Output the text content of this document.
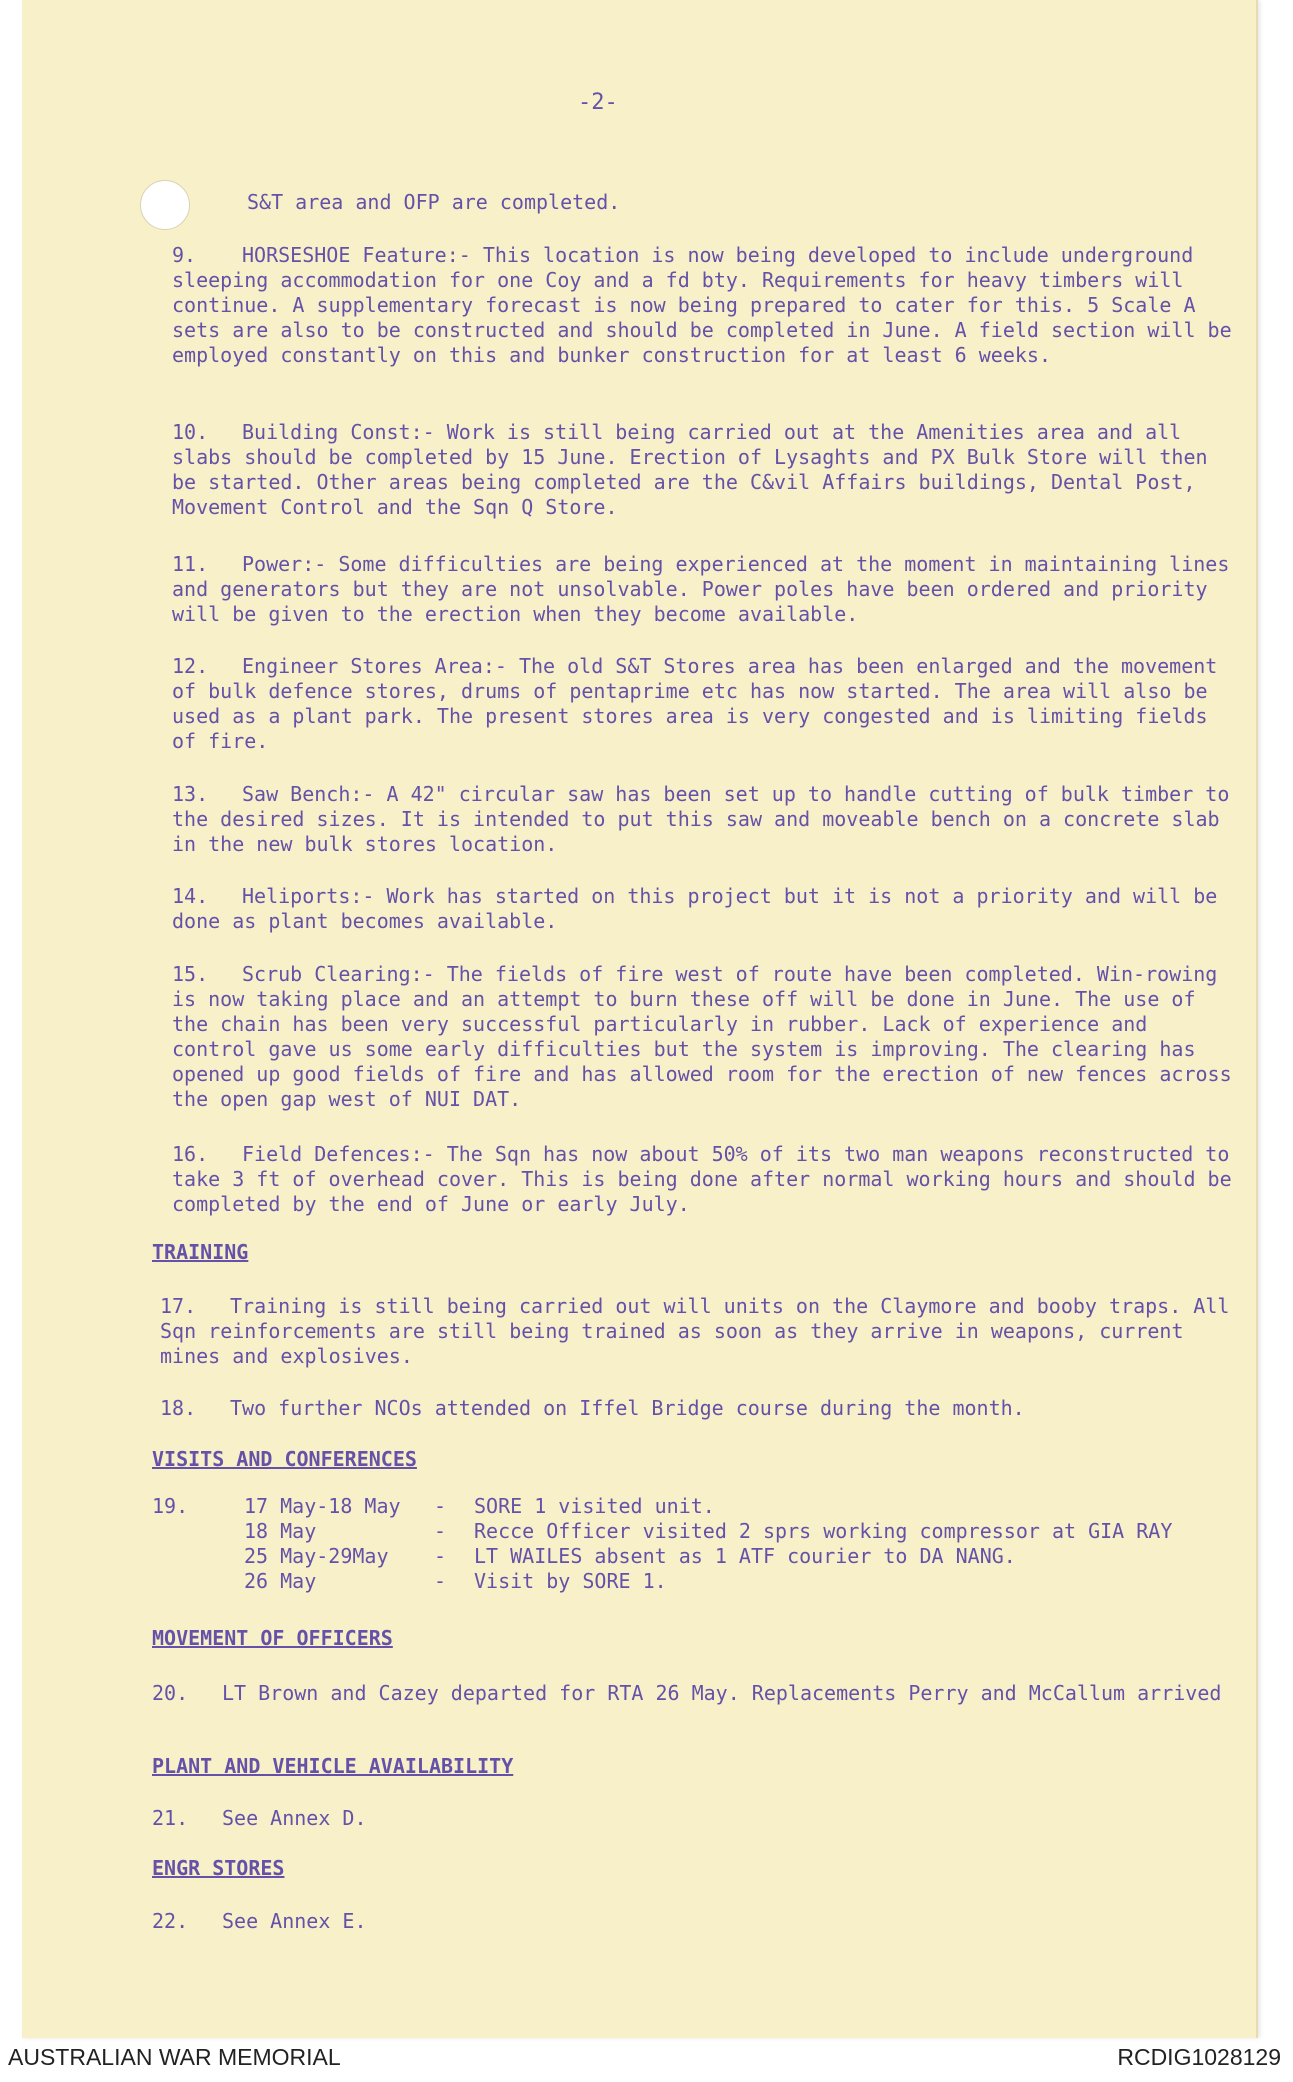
-2-

S&T area and OFP are completed.

9. HORSESHOE Feature:- This location is now being developed to include underground sleeping accommodation for one Coy and a fd bty. Requirements for heavy timbers will continue. A supplementary forecast is now being prepared to cater for this. 5 Scale A sets are also to be constructed and should be completed in June. A field section will be employed constantly on this and bunker construction for at least 6 weeks.

10. Building Const:- Work is still being carried out at the Amenities area and all slabs should be completed by 15 June. Erection of Lysaghts and PX Bulk Store will then be started. Other areas being completed are the C&vil Affairs buildings, Dental Post, Movement Control and the Sqn Q Store.

11. Power:- Some difficulties are being experienced at the moment in maintaining lines and generators but they are not unsolvable. Power poles have been ordered and priority will be given to the erection when they become available.

12. Engineer Stores Area:- The old S&T Stores area has been enlarged and the movement of bulk defence stores, drums of pentaprime etc has now started. The area will also be used as a plant park. The present stores area is very congested and is limiting fields of fire.

13. Saw Bench:- A 42" circular saw has been set up to handle cutting of bulk timber to the desired sizes. It is intended to put this saw and moveable bench on a concrete slab in the new bulk stores location.

14. Heliports:- Work has started on this project but it is not a priority and will be done as plant becomes available.

15. Scrub Clearing:- The fields of fire west of route have been completed. Win-rowing is now taking place and an attempt to burn these off will be done in June. The use of the chain has been very successful particularly in rubber. Lack of experience and control gave us some early difficulties but the system is improving. The clearing has opened up good fields of fire and has allowed room for the erection of new fences across the open gap west of NUI DAT.

16. Field Defences:- The Sqn has now about 50% of its two man weapons reconstructed to take 3 ft of overhead cover. This is being done after normal working hours and should be completed by the end of June or early July.

TRAINING

17. Training is still being carried out will units on the Claymore and booby traps. All Sqn reinforcements are still being trained as soon as they arrive in weapons, current mines and explosives.

18. Two further NCOs attended on Iffel Bridge course during the month.

VISITS AND CONFERENCES
19.	17 May-18 May	-	SORE 1 visited unit.
18 May	-	Recce Officer visited 2 sprs working compressor at GIA RAY
25 May-29May	-	LT WAILES absent as 1 ATF courier to DA NANG.
26 May	-	Visit by SORE 1.
MOVEMENT OF OFFICERS

20. LT Brown and Cazey departed for RTA 26 May. Replacements Perry and McCallum arrived

PLANT AND VEHICLE AVAILABILITY

21. See Annex D.

ENGR STORES

22. See Annex E.

AUSTRALIAN WAR MEMORIAL	RCDIG1028129
